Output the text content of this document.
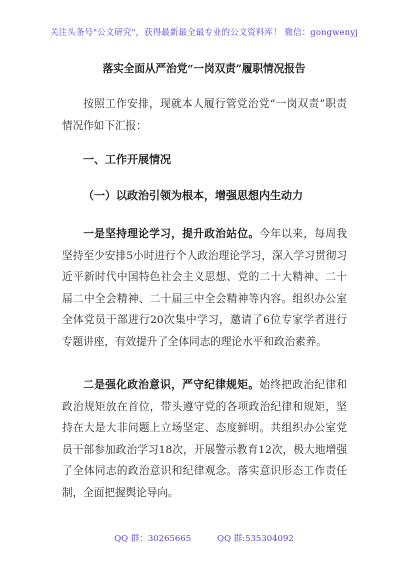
关注头条号"公文研究"，获得最新最全最专业的公文资料库！ 微信：gongwenyj
落实全面从严治党“一岗双责”履职情况报告

按照工作安排，现就本人履行管党治党“一岗双责”职责情况作如下汇报：

一、工作开展情况
（一）以政治引领为根本，增强思想内生动力

一是坚持理论学习，提升政治站位。今年以来，每周我坚持至少安排5小时进行个人政治理论学习，深入学习贯彻习近平新时代中国特色社会主义思想、党的二十大精神、二十届二中全会精神、二十届三中全会精神等内容。组织办公室全体党员干部进行20次集中学习，邀请了6位专家学者进行专题讲座，有效提升了全体同志的理论水平和政治素养。

二是强化政治意识，严守纪律规矩。始终把政治纪律和政治规矩放在首位，带头遵守党的各项政治纪律和规矩，坚持在大是大非问题上立场坚定、态度鲜明。共组织办公室党员干部参加政治学习18次，开展警示教育12次，极大地增强了全体同志的政治意识和纪律观念。落实意识形态工作责任制，全面把握舆论导向。

QQ 群：30265665	QQ 群:535304092
